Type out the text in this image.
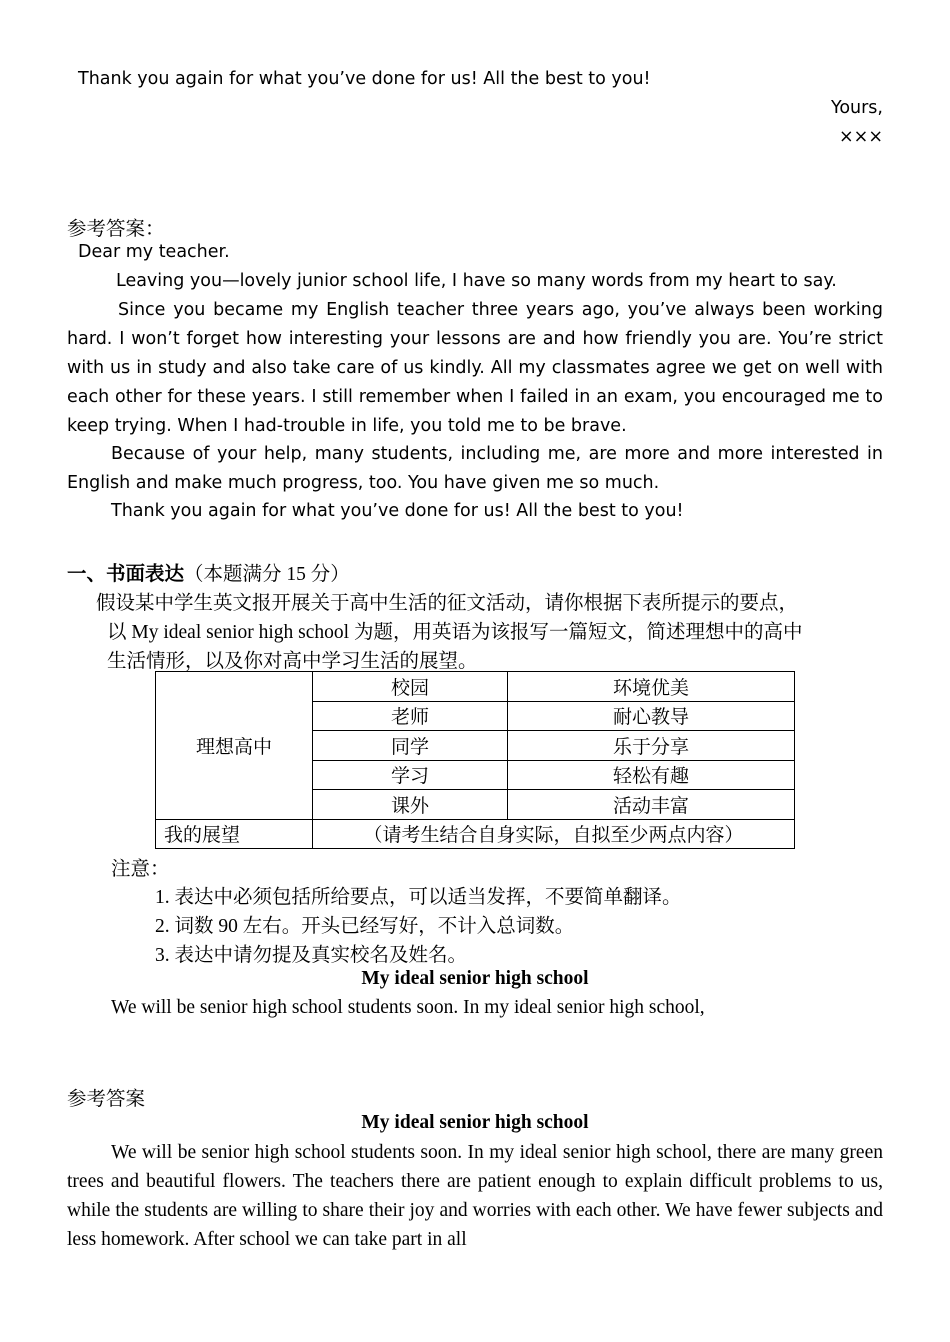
Thank you again for what you’ve done for us! All the best to you!
Yours,
×××
参考答案：
Dear my teacher.
Leaving you—lovely junior school life, I have so many words from my heart to say.
Since you became my English teacher three years ago, you’ve always been working hard. I won’t forget how interesting your lessons are and how friendly you are. You’re strict with us in study and also take care of us kindly. All my classmates agree we get on well with each other for these years. I still remember when I failed in an exam, you encouraged me to keep trying. When I had-trouble in life, you told me to be brave.
Because of your help, many students, including me, are more and more interested in English and make much progress, too. You have given me so much.
Thank you again for what you’ve done for us! All the best to you!
一、书面表达（本题满分 15 分）
假设某中学生英文报开展关于高中生活的征文活动，请你根据下表所提示的要点，
以 My ideal senior high school 为题，用英语为该报写一篇短文，简述理想中的高中
生活情形，以及你对高中学习生活的展望。
理想高中	校园	环境优美
	老师	耐心教导
	同学	乐于分享
	学习	轻松有趣
	课外	活动丰富
我的展望	（请考生结合自身实际，自拟至少两点内容）	
注意：
1. 表达中必须包括所给要点，可以适当发挥，不要简单翻译。
2. 词数 90 左右。开头已经写好，不计入总词数。
3. 表达中请勿提及真实校名及姓名。
My ideal senior high school
We will be senior high school students soon. In my ideal senior high school,
参考答案
My ideal senior high school
We will be senior high school students soon. In my ideal senior high school, there are many green trees and beautiful flowers. The teachers there are patient enough to explain difficult problems to us, while the students are willing to share their joy and worries with each other. We have fewer subjects and less homework. After school we can take part in all
